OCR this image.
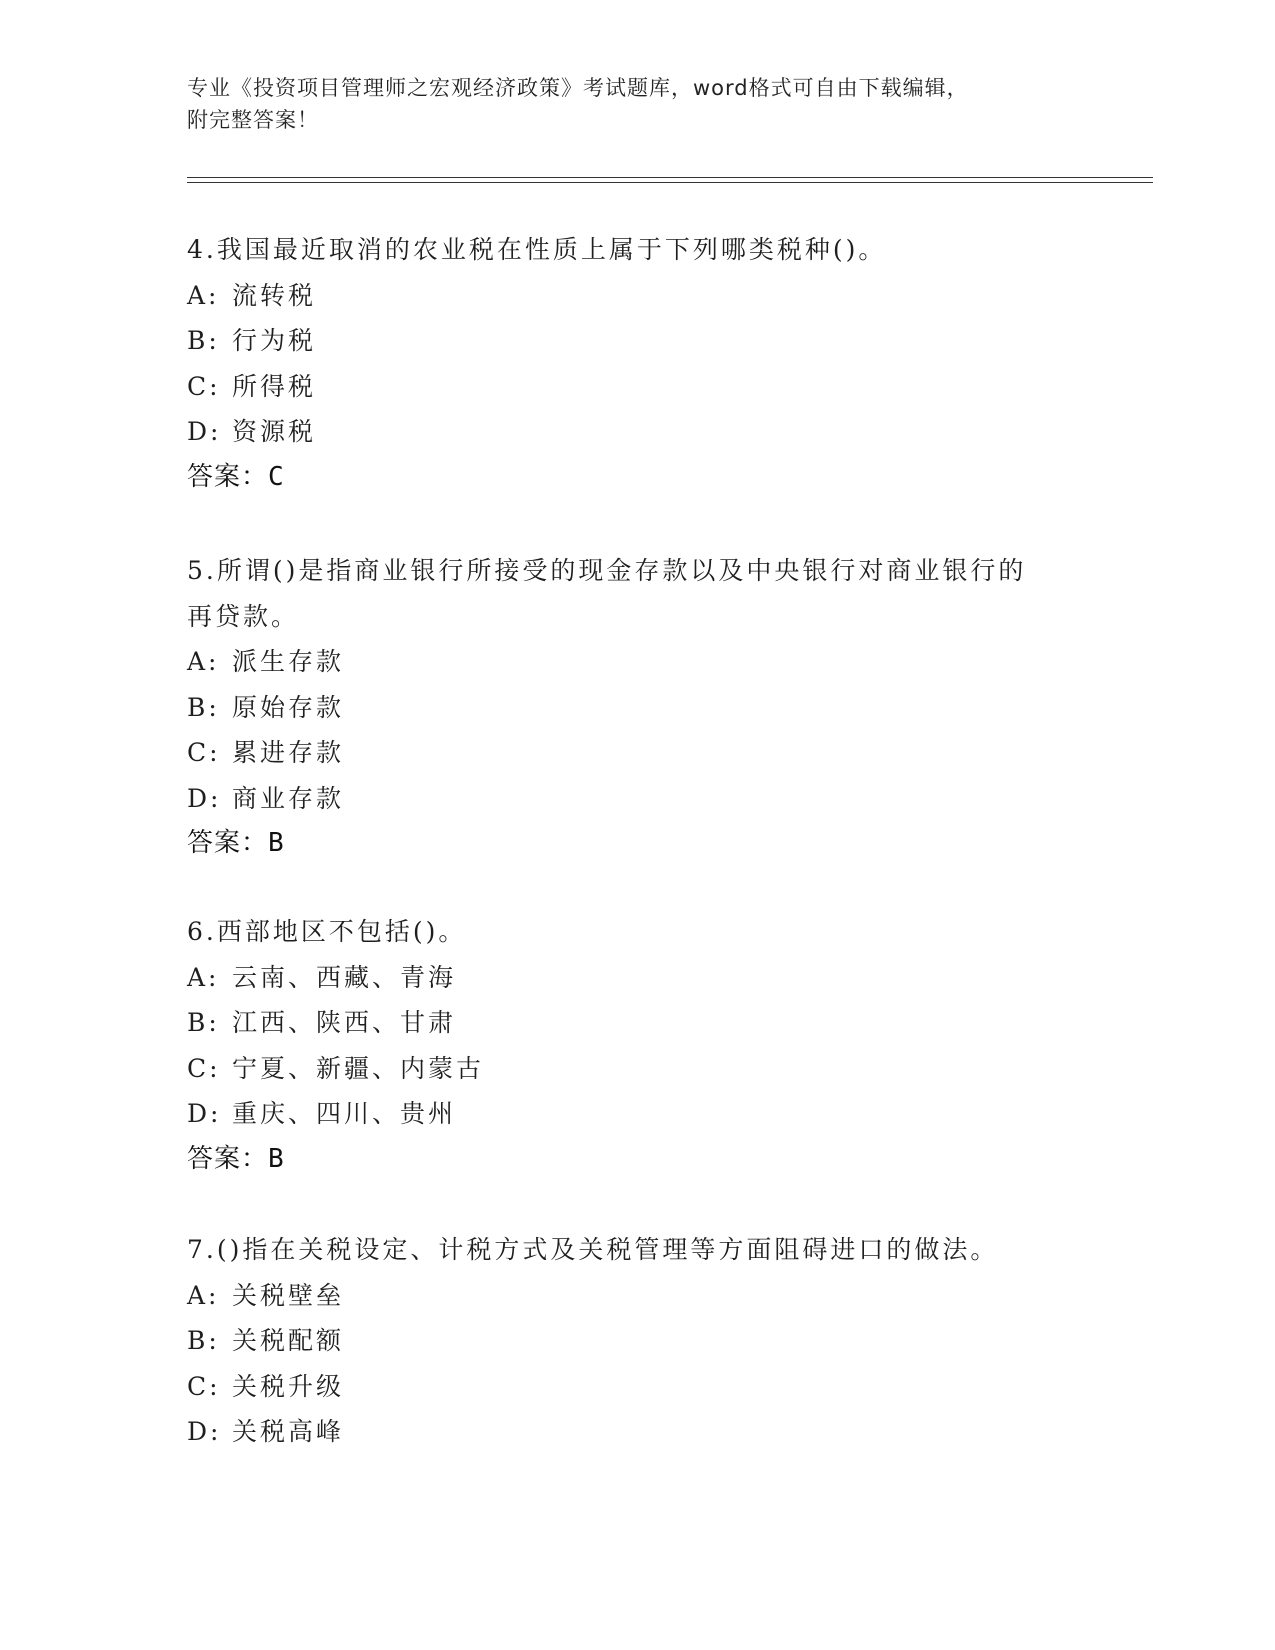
专业《投资项目管理师之宏观经济政策》考试题库，word格式可自由下载编辑，
附完整答案！
4.我国最近取消的农业税在性质上属于下列哪类税种()。
A: 流转税
B: 行为税
C: 所得税
D: 资源税
答案：C
5.所谓()是指商业银行所接受的现金存款以及中央银行对商业银行的
再贷款。
A: 派生存款
B: 原始存款
C: 累进存款
D: 商业存款
答案：B
6.西部地区不包括()。
A: 云南、西藏、青海
B: 江西、陕西、甘肃
C: 宁夏、新疆、内蒙古
D: 重庆、四川、贵州
答案：B
7.()指在关税设定、计税方式及关税管理等方面阻碍进口的做法。
A: 关税壁垒
B: 关税配额
C: 关税升级
D: 关税高峰
